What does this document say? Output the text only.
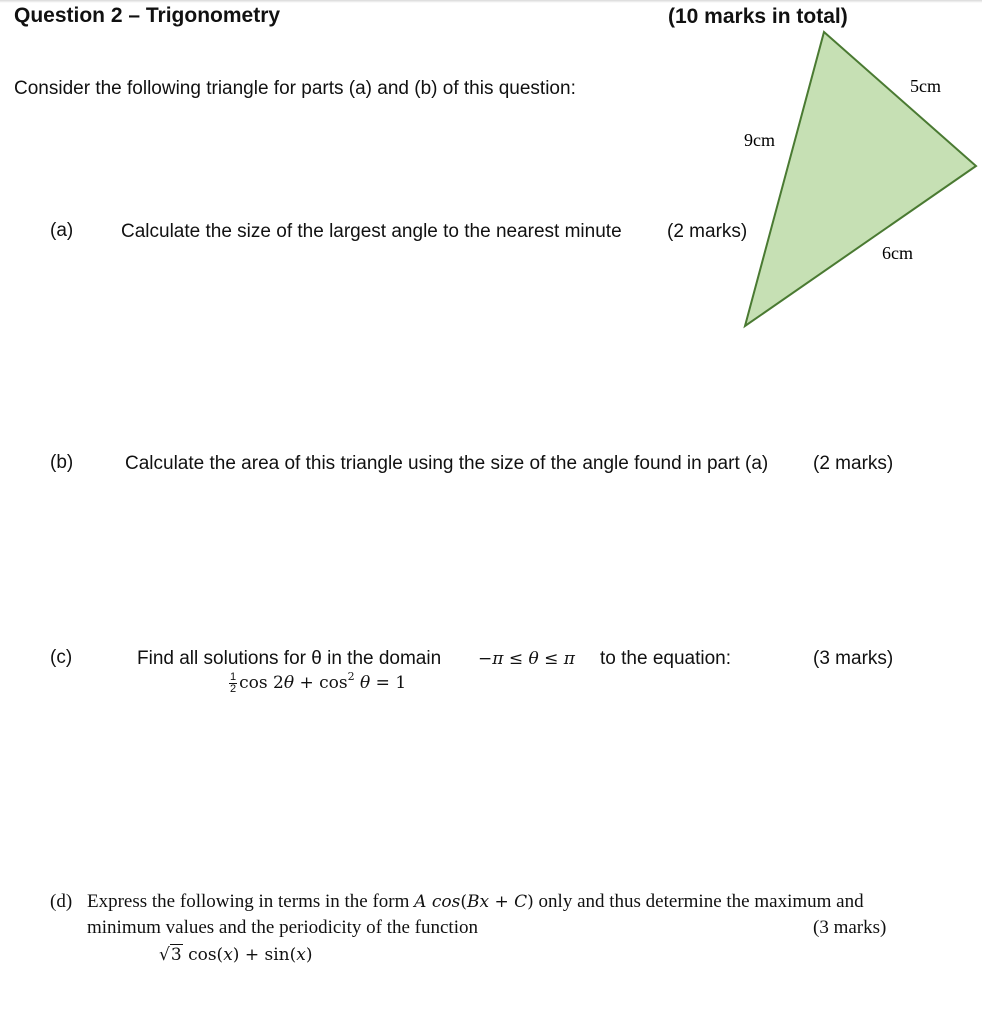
Question 2 – Trigonometry	(10 marks in total)
Consider the following triangle for parts (a) and (b) of this question:
9cm
5cm
6cm
(a)	Calculate the size of the largest angle to the nearest minute (2 marks)
(b)	Calculate the area of this triangle using the size of the angle found in part (a) (2 marks)
(c)	Find all solutions for θ in the domain −π ≤ θ ≤ π to the equation:	(3 marks)
$\frac{1}{2}$ $\cos 2\theta + \cos^2 \theta = 1$
(d) Express the following in terms in the form A cos(Bx + C) only and thus determine the maximum and
minimum values and the periodicity of the function	(3 marks)
√3 cos(x) + sin(x)
